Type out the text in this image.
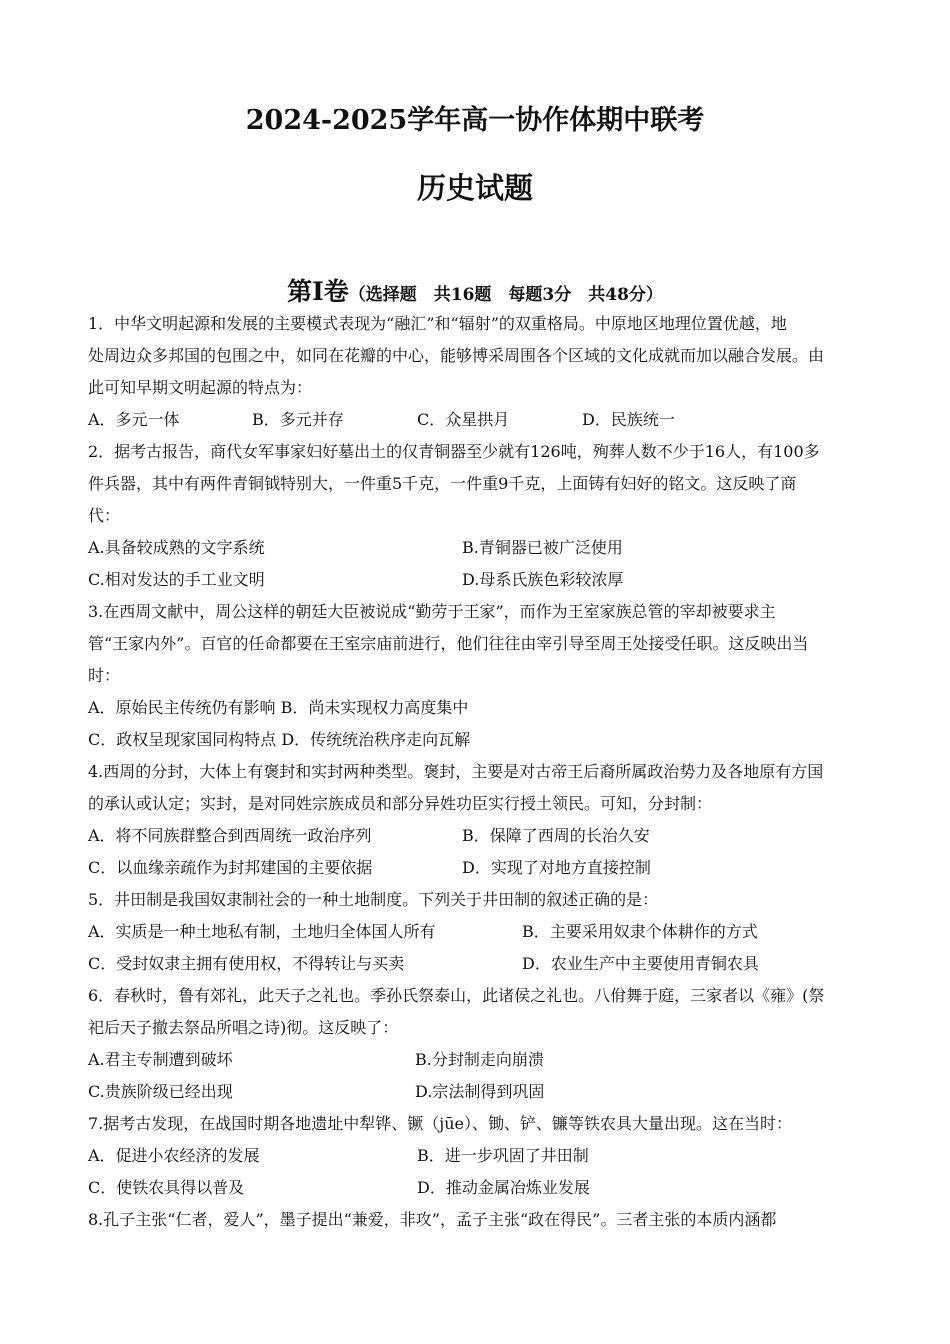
2024-2025学年高一协作体期中联考
历史试题
第Ⅰ卷（选择题　共16题　每题3分　共48分）
1．中华文明起源和发展的主要模式表现为“融汇”和“辐射”的双重格局。中原地区地理位置优越，地
处周边众多邦国的包围之中，如同在花瓣的中心，能够博采周围各个区域的文化成就而加以融合发展。由
此可知早期文明起源的特点为：
A．多元一体	B．多元并存	C．众星拱月	D．民族统一
2．据考古报告，商代女军事家妇好墓出土的仅青铜器至少就有126吨，殉葬人数不少于16人，有100多
件兵器，其中有两件青铜钺特别大，一件重5千克，一件重9千克，上面铸有妇好的铭文。这反映了商
代：
A.具备较成熟的文字系统	B.青铜器已被广泛使用
C.相对发达的手工业文明	D.母系氏族色彩较浓厚
3.在西周文献中，周公这样的朝廷大臣被说成“勤劳于王家”，而作为王室家族总管的宰却被要求主
管“王家内外”。百官的任命都要在王室宗庙前进行，他们往往由宰引导至周王处接受任职。这反映出当
时：
A．原始民主传统仍有影响 B．尚未实现权力高度集中
C．政权呈现家国同构特点 D．传统统治秩序走向瓦解
4.西周的分封，大体上有褒封和实封两种类型。褒封，主要是对古帝王后裔所属政治势力及各地原有方国
的承认或认定；实封，是对同姓宗族成员和部分异姓功臣实行授土领民。可知，分封制：
A．将不同族群整合到西周统一政治序列	B．保障了西周的长治久安
C．以血缘亲疏作为封邦建国的主要依据	D．实现了对地方直接控制
5．井田制是我国奴隶制社会的一种土地制度。下列关于井田制的叙述正确的是：
A．实质是一种土地私有制，土地归全体国人所有	B．主要采用奴隶个体耕作的方式
C．受封奴隶主拥有使用权，不得转让与买卖	D．农业生产中主要使用青铜农具
6．春秋时，鲁有郊礼，此天子之礼也。季孙氏祭泰山，此诸侯之礼也。八佾舞于庭，三家者以《雍》(祭
祀后天子撤去祭品所唱之诗)彻。这反映了：
A.君主专制遭到破坏	B.分封制走向崩溃
C.贵族阶级已经出现	D.宗法制得到巩固
7.据考古发现，在战国时期各地遗址中犁铧、镢（jūe）、锄、铲、镰等铁农具大量出现。这在当时：
A．促进小农经济的发展	B．进一步巩固了井田制
C．使铁农具得以普及	D．推动金属冶炼业发展
8.孔子主张“仁者，爱人”，墨子提出“兼爱，非攻”，孟子主张“政在得民”。三者主张的本质内涵都
